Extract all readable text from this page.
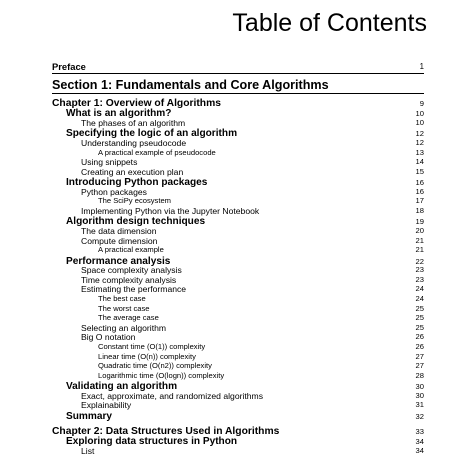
Table of Contents
Preface	1
Section 1: Fundamentals and Core Algorithms
Chapter 1: Overview of Algorithms	9
What is an algorithm?	10
The phases of an algorithm	10
Specifying the logic of an algorithm	12
Understanding pseudocode	12
A practical example of pseudocode	13
Using snippets	14
Creating an execution plan	15
Introducing Python packages	16
Python packages	16
The SciPy ecosystem	17
Implementing Python via the Jupyter Notebook	18
Algorithm design techniques	19
The data dimension	20
Compute dimension	21
A practical example	21
Performance analysis	22
Space complexity analysis	23
Time complexity analysis	23
Estimating the performance	24
The best case	24
The worst case	25
The average case	25
Selecting an algorithm	25
Big O notation	26
Constant time (O(1)) complexity	26
Linear time (O(n)) complexity	27
Quadratic time (O(n2)) complexity	27
Logarithmic time (O(logn)) complexity	28
Validating an algorithm	30
Exact, approximate, and randomized algorithms	30
Explainability	31
Summary	32
Chapter 2: Data Structures Used in Algorithms	33
Exploring data structures in Python	34
List	34
